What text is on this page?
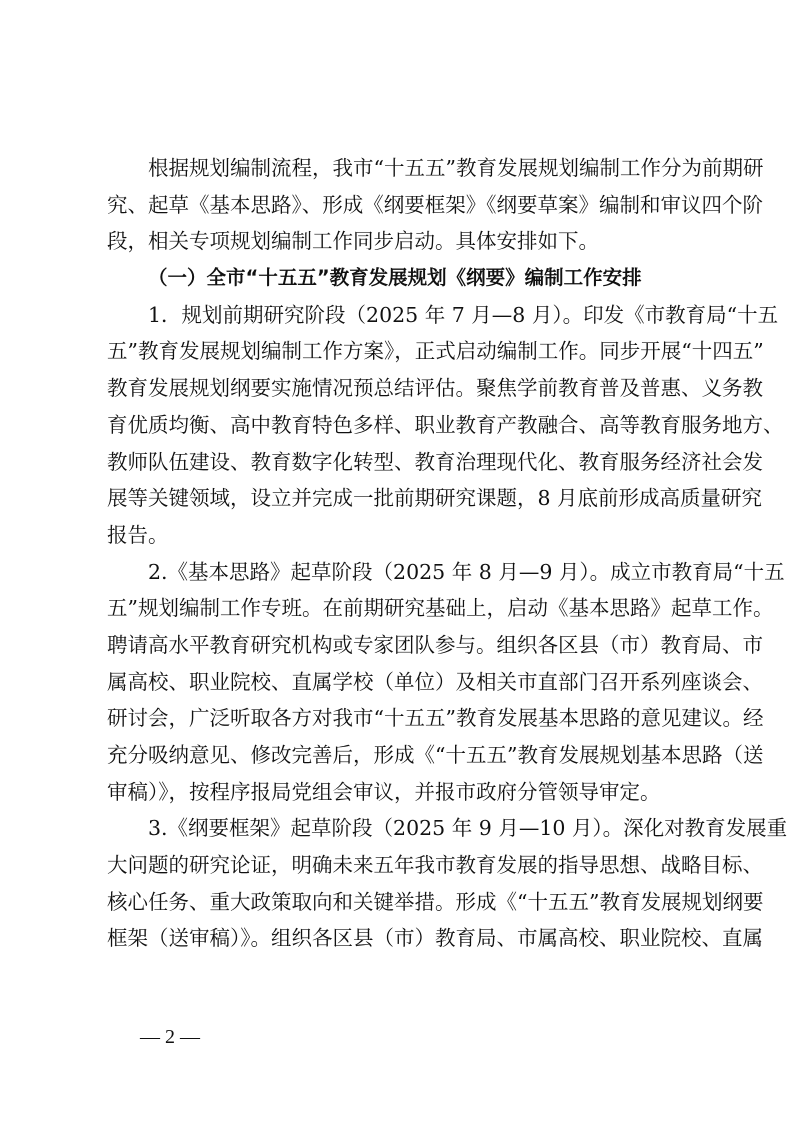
根据规划编制流程，我市“十五五”教育发展规划编制工作分为前期研
究、起草《基本思路》、形成《纲要框架》《纲要草案》编制和审议四个阶
段，相关专项规划编制工作同步启动。具体安排如下。
（一）全市“十五五”教育发展规划《纲要》编制工作安排
1．规划前期研究阶段（2025 年 7 月—8 月）。印发《市教育局“十五
五”教育发展规划编制工作方案》，正式启动编制工作。同步开展“十四五”
教育发展规划纲要实施情况预总结评估。聚焦学前教育普及普惠、义务教
育优质均衡、高中教育特色多样、职业教育产教融合、高等教育服务地方、
教师队伍建设、教育数字化转型、教育治理现代化、教育服务经济社会发
展等关键领域，设立并完成一批前期研究课题，8 月底前形成高质量研究
报告。
2.《基本思路》起草阶段（2025 年 8 月—9 月）。成立市教育局“十五
五”规划编制工作专班。在前期研究基础上，启动《基本思路》起草工作。
聘请高水平教育研究机构或专家团队参与。组织各区县（市）教育局、市
属高校、职业院校、直属学校（单位）及相关市直部门召开系列座谈会、
研讨会，广泛听取各方对我市“十五五”教育发展基本思路的意见建议。经
充分吸纳意见、修改完善后，形成《“十五五”教育发展规划基本思路（送
审稿）》，按程序报局党组会审议，并报市政府分管领导审定。
3.《纲要框架》起草阶段（2025 年 9 月—10 月）。深化对教育发展重
大问题的研究论证，明确未来五年我市教育发展的指导思想、战略目标、
核心任务、重大政策取向和关键举措。形成《“十五五”教育发展规划纲要
框架（送审稿）》。组织各区县（市）教育局、市属高校、职业院校、直属
— 2 —
